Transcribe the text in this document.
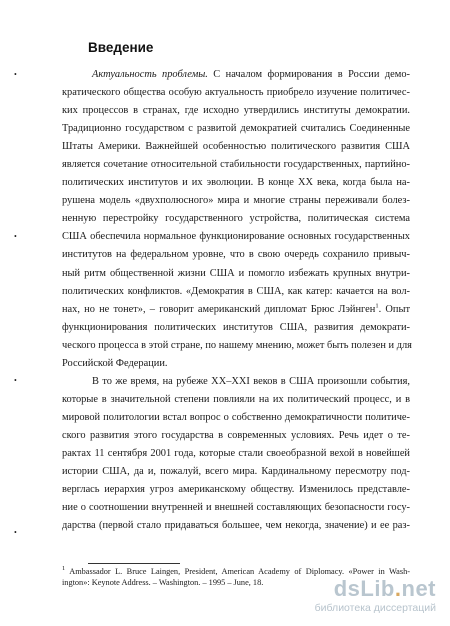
•
•
•
•
Введение
Актуальность проблемы. С началом формирования в России демо-
кратического общества особую актуальность приобрело изучение политичес-
ких процессов в странах, где исходно утвердились институты демократии.
Традиционно государством с развитой демократией считались Соединенные
Штаты Америки. Важнейшей особенностью политического развития США
является сочетание относительной стабильности государственных, партийно-
политических институтов и их эволюции. В конце XX века, когда была на-
рушена модель «двухполюсного» мира и многие страны переживали болез-
ненную перестройку государственного устройства, политическая система
США обеспечила нормальное функционирование основных государственных
институтов на федеральном уровне, что в свою очередь сохранило привыч-
ный ритм общественной жизни США и помогло избежать крупных внутри-
политических конфликтов. «Демократия в США, как катер: качается на вол-
нах, но не тонет», – говорит американский дипломат Брюс Лэйнген$^1$. Опыт
функционирования политических институтов США, развития демократи-
ческого процесса в этой стране, по нашему мнению, может быть полезен и для
Российской Федерации.
В то же время, на рубеже XX–XXI веков в США произошли события,
которые в значительной степени повлияли на их политический процесс, и в
мировой политологии встал вопрос о собственно демократичности политиче-
ского развития этого государства в современных условиях. Речь идет о те-
рактах 11 сентября 2001 года, которые стали своеобразной вехой в новейшей
истории США, да и, пожалуй, всего мира. Кардинальному пересмотру под-
верглась иерархия угроз американскому обществу. Изменилось представле-
ние о соотношении внутренней и внешней составляющих безопасности госу-
дарства (первой стало придаваться большее, чем некогда, значение) и ее раз-
$^1$ Ambassador L. Bruce Laingen, President, American Academy of Diplomacy. «Power in Wash-
ington»: Keynote Address. – Washington. – 1995 – June, 18.	dsLib.net
библиотека диссертаций
